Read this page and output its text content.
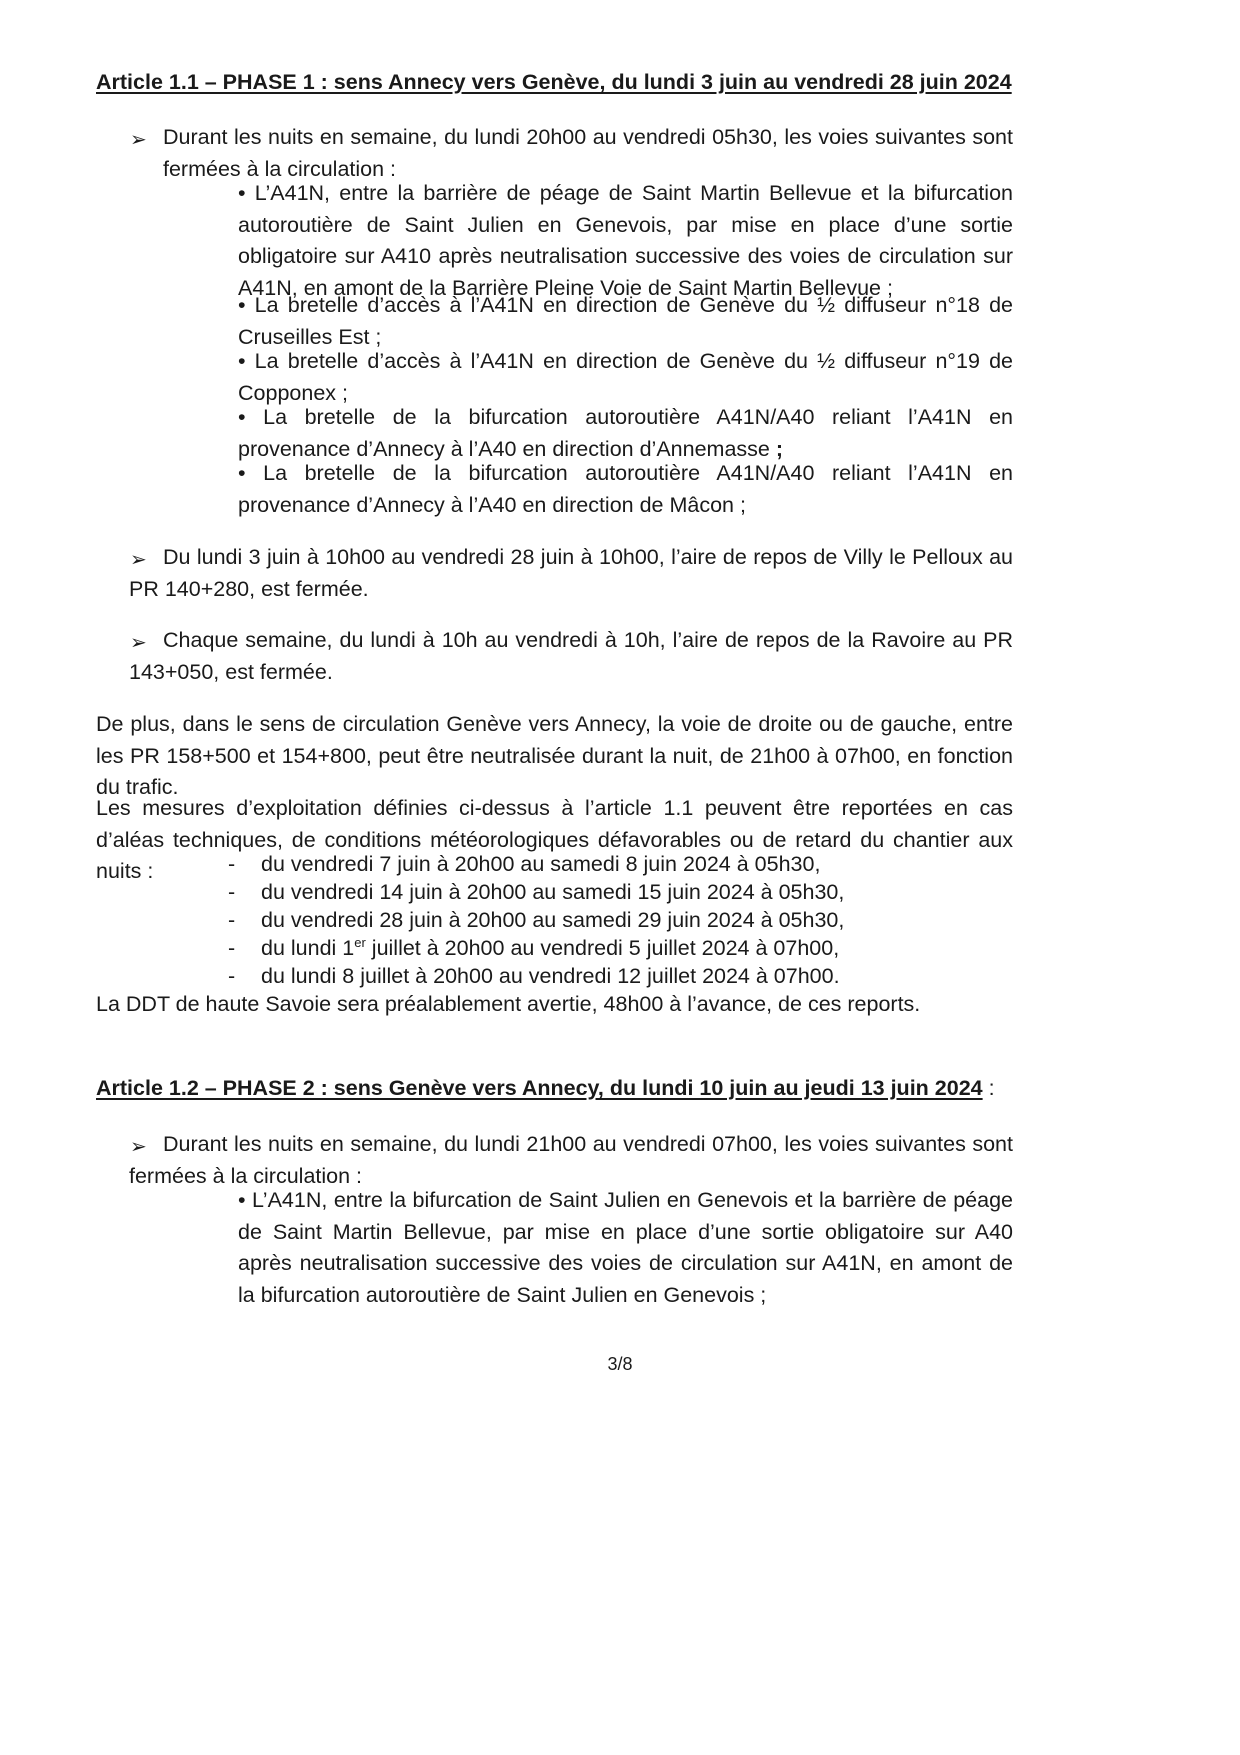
Article 1.1 – PHASE 1 : sens Annecy vers Genève, du lundi 3 juin au vendredi 28 juin 2024
➢ Durant les nuits en semaine, du lundi 20h00 au vendredi 05h30, les voies suivantes sont fermées à la circulation :

• L’A41N, entre la barrière de péage de Saint Martin Bellevue et la bifurcation autoroutière de Saint Julien en Genevois, par mise en place d’une sortie obligatoire sur A410 après neutralisation successive des voies de circulation sur A41N, en amont de la Barrière Pleine Voie de Saint Martin Bellevue ;

• La bretelle d’accès à l’A41N en direction de Genève du ½ diffuseur n°18 de Cruseilles Est ;

• La bretelle d’accès à l’A41N en direction de Genève du ½ diffuseur n°19 de Copponex ;

• La bretelle de la bifurcation autoroutière A41N/A40 reliant l’A41N en provenance d’Annecy à l’A40 en direction d’Annemasse ;

• La bretelle de la bifurcation autoroutière A41N/A40 reliant l’A41N en provenance d’Annecy à l’A40 en direction de Mâcon ;

➢ Du lundi 3 juin à 10h00 au vendredi 28 juin à 10h00, l’aire de repos de Villy le Pelloux au PR 140+280, est fermée.

➢ Chaque semaine, du lundi à 10h au vendredi à 10h, l’aire de repos de la Ravoire au PR 143+050, est fermée.

De plus, dans le sens de circulation Genève vers Annecy, la voie de droite ou de gauche, entre les PR 158+500 et 154+800, peut être neutralisée durant la nuit, de 21h00 à 07h00, en fonction du trafic.

Les mesures d’exploitation définies ci-dessus à l’article 1.1 peuvent être reportées en cas d’aléas techniques, de conditions météorologiques défavorables ou de retard du chantier aux nuits :	- du vendredi 7 juin à 20h00 au samedi 8 juin 2024 à 05h30,
- du vendredi 14 juin à 20h00 au samedi 15 juin 2024 à 05h30,
- du vendredi 28 juin à 20h00 au samedi 29 juin 2024 à 05h30,
- du lundi 1er juillet à 20h00 au vendredi 5 juillet 2024 à 07h00,
- du lundi 8 juillet à 20h00 au vendredi 12 juillet 2024 à 07h00.

La DDT de haute Savoie sera préalablement avertie, 48h00 à l’avance, de ces reports.

Article 1.2 – PHASE 2 : sens Genève vers Annecy, du lundi 10 juin au jeudi 13 juin 2024 :
➢ Durant les nuits en semaine, du lundi 21h00 au vendredi 07h00, les voies suivantes sont fermées à la circulation :

• L’A41N, entre la bifurcation de Saint Julien en Genevois et la barrière de péage de Saint Martin Bellevue, par mise en place d’une sortie obligatoire sur A40 après neutralisation successive des voies de circulation sur A41N, en amont de la bifurcation autoroutière de Saint Julien en Genevois ;

3/8
